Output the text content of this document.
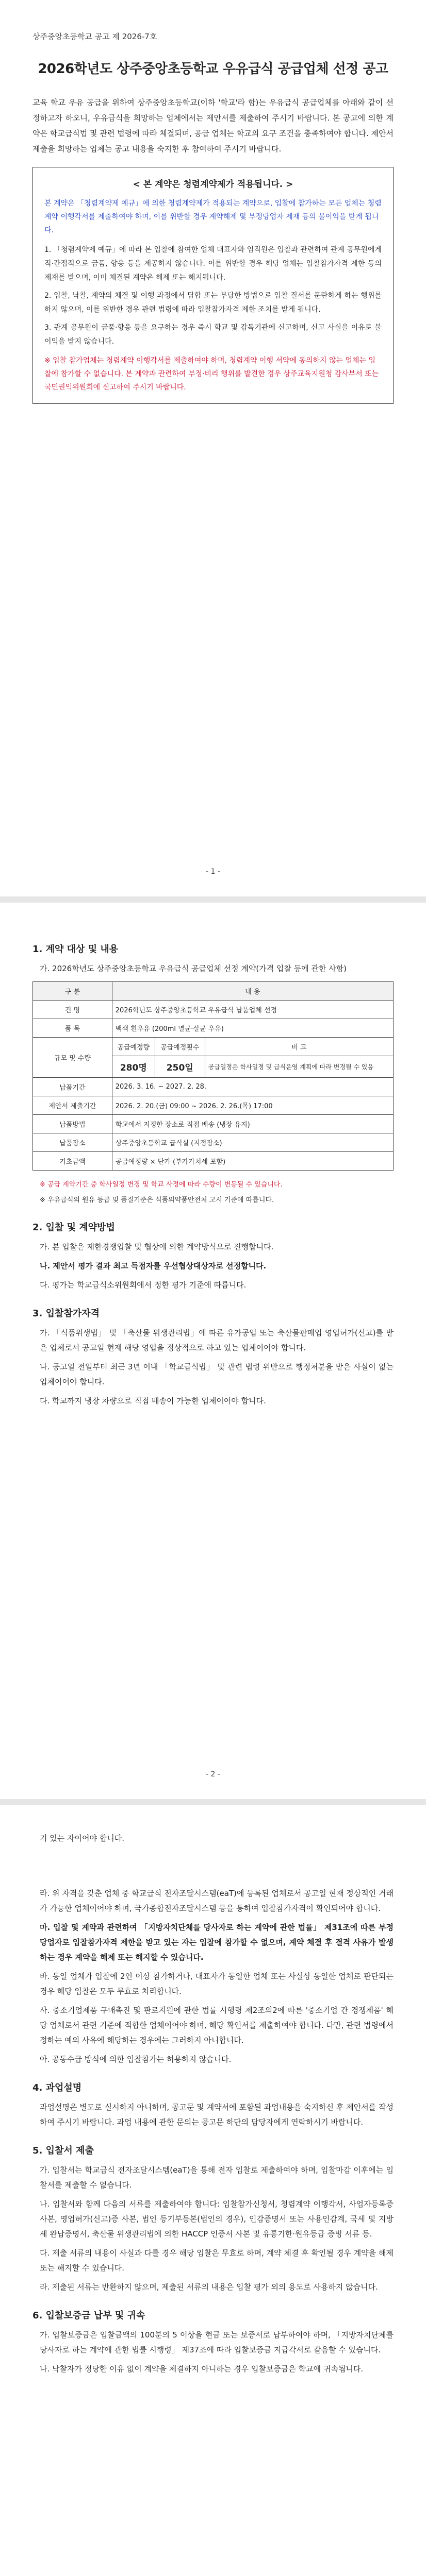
상주중앙초등학교 공고 제 2026-7호
2026학년도 상주중앙초등학교 우유급식 공급업체 선정 공고

교육 학교 우유 공급을 위하여 상주중앙초등학교(이하 '학교'라 함)는 우유급식 공급업체를 아래와 같이 선정하고자 하오니, 우유급식을 희망하는 업체에서는 제안서를 제출하여 주시기 바랍니다. 본 공고에 의한 계약은 학교급식법 및 관련 법령에 따라 체결되며, 공급 업체는 학교의 요구 조건을 충족하여야 합니다. 제안서 제출을 희망하는 업체는 공고 내용을 숙지한 후 참여하여 주시기 바랍니다.

< 본 계약은 청렴계약제가 적용됩니다. >
본 계약은 「청렴계약제 예규」에 의한 청렴계약제가 적용되는 계약으로, 입찰에 참가하는 모든 업체는 청렴계약 이행각서를 제출하여야 하며, 이를 위반할 경우 계약해제 및 부정당업자 제재 등의 불이익을 받게 됩니다.
1. 「청렴계약제 예규」에 따라 본 입찰에 참여한 업체 대표자와 임직원은 입찰과 관련하여 관계 공무원에게 직·간접적으로 금품, 향응 등을 제공하지 않습니다. 이를 위반할 경우 해당 업체는 입찰참가자격 제한 등의 제재를 받으며, 이미 체결된 계약은 해제 또는 해지됩니다.
2. 입찰, 낙찰, 계약의 체결 및 이행 과정에서 담합 또는 부당한 방법으로 입찰 질서를 문란하게 하는 행위를 하지 않으며, 이를 위반한 경우 관련 법령에 따라 입찰참가자격 제한 조치를 받게 됩니다.
3. 관계 공무원이 금품·향응 등을 요구하는 경우 즉시 학교 및 감독기관에 신고하며, 신고 사실을 이유로 불이익을 받지 않습니다.
※ 입찰 참가업체는 청렴계약 이행각서를 제출하여야 하며, 청렴계약 이행 서약에 동의하지 않는 업체는 입찰에 참가할 수 없습니다. 본 계약과 관련하여 부정·비리 행위를 발견한 경우 상주교육지원청 감사부서 또는 국민권익위원회에 신고하여 주시기 바랍니다.
- 1 -
1. 계약 대상 및 내용
가. 2026학년도 상주중앙초등학교 우유급식 공급업체 선정 계약(가격 입찰 등에 관한 사항)
구 분	내 용		
건 명	2026학년도 상주중앙초등학교 우유급식 납품업체 선정		
품 목	백색 흰우유 (200ml 멸균·살균 우유)		
규모 및 수량	공급예정량	공급예정횟수	비 고
	280명	250일	공급일정은 학사일정 및 급식운영 계획에 따라 변경될 수 있음
납품기간	2026. 3. 16. ~ 2027. 2. 28.		
제안서 제출기간	2026. 2. 20.(금) 09:00 ~ 2026. 2. 26.(목) 17:00		
납품방법	학교에서 지정한 장소로 직접 배송 (냉장 유지)		
납품장소	상주중앙초등학교 급식실 (지정장소)		
기초금액	공급예정량 × 단가 (부가가치세 포함)		
※ 공급 계약기간 중 학사일정 변경 및 학교 사정에 따라 수량이 변동될 수 있습니다.
※ 우유급식의 원유 등급 및 품질기준은 식품의약품안전처 고시 기준에 따릅니다.
2. 입찰 및 계약방법
가. 본 입찰은 제한경쟁입찰 및 협상에 의한 계약방식으로 진행합니다.
나. 제안서 평가 결과 최고 득점자를 우선협상대상자로 선정합니다.
다. 평가는 학교급식소위원회에서 정한 평가 기준에 따릅니다.
3. 입찰참가자격
가. 「식품위생법」 및 「축산물 위생관리법」에 따른 유가공업 또는 축산물판매업 영업허가(신고)를 받은 업체로서 공고일 현재 해당 영업을 정상적으로 하고 있는 업체이어야 합니다.
나. 공고일 전일부터 최근 3년 이내 「학교급식법」 및 관련 법령 위반으로 행정처분을 받은 사실이 없는 업체이어야 합니다.
다. 학교까지 냉장 차량으로 직접 배송이 가능한 업체이어야 합니다.
- 2 -
기 있는 자이어야 합니다.
라. 위 자격을 갖춘 업체 중 학교급식 전자조달시스템(eaT)에 등록된 업체로서 공고일 현재 정상적인 거래가 가능한 업체이어야 하며, 국가종합전자조달시스템 등을 통하여 입찰참가자격이 확인되어야 합니다.
마. 입찰 및 계약과 관련하여 「지방자치단체를 당사자로 하는 계약에 관한 법률」 제31조에 따른 부정당업자로 입찰참가자격 제한을 받고 있는 자는 입찰에 참가할 수 없으며, 계약 체결 후 결격 사유가 발생하는 경우 계약을 해제 또는 해지할 수 있습니다.
바. 동일 업체가 입찰에 2인 이상 참가하거나, 대표자가 동일한 업체 또는 사실상 동일한 업체로 판단되는 경우 해당 입찰은 모두 무효로 처리합니다.
사. 중소기업제품 구매촉진 및 판로지원에 관한 법률 시행령 제2조의2에 따른 '중소기업 간 경쟁제품' 해당 업체로서 관련 기준에 적합한 업체이어야 하며, 해당 확인서를 제출하여야 합니다. 다만, 관련 법령에서 정하는 예외 사유에 해당하는 경우에는 그러하지 아니합니다.
아. 공동수급 방식에 의한 입찰참가는 허용하지 않습니다.
4. 과업설명
과업설명은 별도로 실시하지 아니하며, 공고문 및 계약서에 포함된 과업내용을 숙지하신 후 제안서를 작성하여 주시기 바랍니다. 과업 내용에 관한 문의는 공고문 하단의 담당자에게 연락하시기 바랍니다.
5. 입찰서 제출
가. 입찰서는 학교급식 전자조달시스템(eaT)을 통해 전자 입찰로 제출하여야 하며, 입찰마감 이후에는 입찰서를 제출할 수 없습니다.
나. 입찰서와 함께 다음의 서류를 제출하여야 합니다: 입찰참가신청서, 청렴계약 이행각서, 사업자등록증 사본, 영업허가(신고)증 사본, 법인 등기부등본(법인의 경우), 인감증명서 또는 사용인감계, 국세 및 지방세 완납증명서, 축산물 위생관리법에 의한 HACCP 인증서 사본 및 유통기한·원유등급 증빙 서류 등.
다. 제출 서류의 내용이 사실과 다를 경우 해당 입찰은 무효로 하며, 계약 체결 후 확인될 경우 계약을 해제 또는 해지할 수 있습니다.
라. 제출된 서류는 반환하지 않으며, 제출된 서류의 내용은 입찰 평가 외의 용도로 사용하지 않습니다.
6. 입찰보증금 납부 및 귀속
가. 입찰보증금은 입찰금액의 100분의 5 이상을 현금 또는 보증서로 납부하여야 하며, 「지방자치단체를 당사자로 하는 계약에 관한 법률 시행령」 제37조에 따라 입찰보증금 지급각서로 갈음할 수 있습니다.
나. 낙찰자가 정당한 이유 없이 계약을 체결하지 아니하는 경우 입찰보증금은 학교에 귀속됩니다.
